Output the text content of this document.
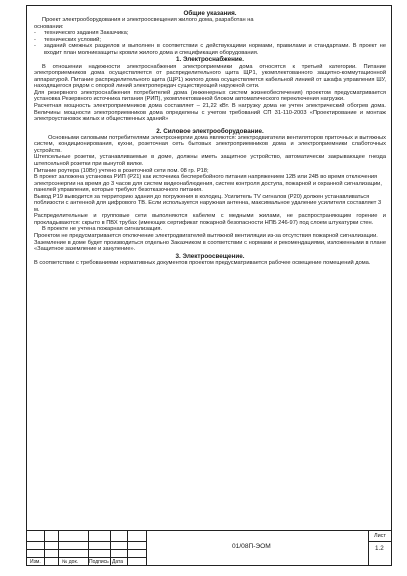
Общие указания.

Проект электрооборудования и электроосвещения жилого дома, разработан на

основании:

-	техническго задания Заказчика;
-	технических условий;
-	заданий смежных разделов и выполнен в соответствии с действующими нормами, правилами и стандартами. В проект не входит план молниезащиты кровли жилого дома и спецификация оборудования.

1. Электроснабжение.

В отношении надежности электроснабжения электроприемники дома относятся к третьей категории. Питание электроприемников дома осуществляется от распределительного щита ЩР1, укомплектованного защитно-коммутационной аппаратурой. Питание распределительного щита (ЩР1) жилого дома осуществляется кабельной линией от шкафа управления ШУ, находящегося рядом с опорой линий электропередач существующей наружной сети.

Для резервного электроснабжения потребителей дома (инженерных систем жизнеобеспечения) проектом предусматривается установка Резервного источника питания (РИП), укомплектованной блоком автоматического переключения нагрузки.

Расчетная мощность электроприемников дома составляет – 21,22 кВт. В нагрузку дома не учтен электрический обогрев дома. Величины мощности электроприемников дома определены с учетом требований СП 31-110-2003 «Проектирование и монтаж электроустановок жилых и общественных зданий»

2. Силовое электрооборудование.

Основными силовыми потребителями электроэнергии дома являются: электродвигатели вентиляторов приточных и вытяжных систем, кондиционирования, кухни, розеточная сеть бытовых электроприемников дома и электроприемники слаботочных устройств.

Штепсельные розетки, устанавливаемые в доме, должны иметь защитное устройство, автоматически закрывающее гнезда штепсельной розетки при вынутой вилке.

Питание роутера (10Вт) учтено в розеточной сети пом. 08 гр. Р18;

В проект заложена установка РИП (Р21) как источника бесперебойного питания напряжением 12В или 24В во время отключения электроэнергии на время до 3 часов для систем видеонаблюдения, систем контроля доступа, пожарной и охранной сигнализации, панелей управления, которые требуют безотказочного питания.

Вывод Р19 выводится за территорию здания до погружения в колодец. Усилитель ТV сигналов (Р20) должен устанавливаться поблизости с антенной для цифрового ТВ. Если используется наружная антенна, максимальное удаление усилителя составляет 3 м.

Распределительные и групповые сети выполняются кабелем с медными жилами, не распространяющим горение и прокладываются: скрыто в ПВХ трубах (имеющих сертификат пожарной безопасности НПБ 246-97) под слоем штукатурки стен.

В проекте не учтена пожарная сигнализация.

Проектом не предусматривается отключение электродвигателей вытяжной вентиляции из-за отсутствия пожарной сигнализации.

Заземление в доме будет производиться отдельно Заказчиком в соответствии с нормами и рекомендациями, изложенными в плане «Защитное заземление и зануление».

3. Электроосвещение.

В соответствии с требованиями нормативных документов проектом предусматривается рабочее освещение помещений дома.

Изм.	№ док. Подпись Дата
01/08П-ЭОМ
Лист
1.2
